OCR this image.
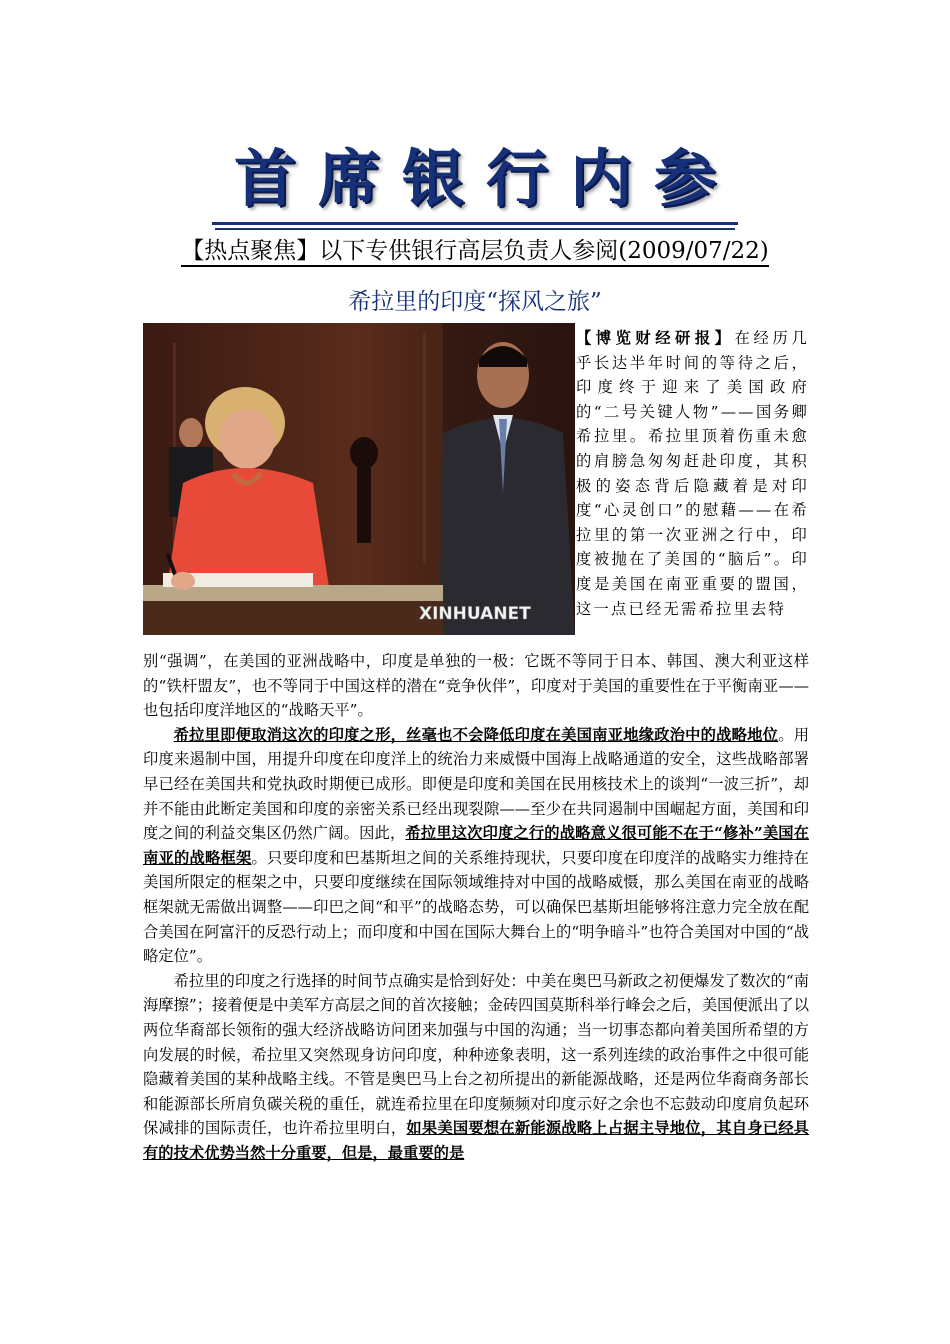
首席银行内参
【热点聚焦】以下专供银行高层负责人参阅(2009/07/22)
希拉里的印度“探风之旅”
XINHUANET
【博览财经研报】在经历几乎长达半年时间的等待之后，印度终于迎来了美国政府的“二号关键人物”——国务卿希拉里。希拉里顶着伤重未愈的肩膀急匆匆赶赴印度，其积极的姿态背后隐藏着是对印度“心灵创口”的慰藉——在希拉里的第一次亚洲之行中，印度被抛在了美国的“脑后”。印度是美国在南亚重要的盟国，这一点已经无需希拉里去特

别“强调”，在美国的亚洲战略中，印度是单独的一极：它既不等同于日本、韩国、澳大利亚这样的“铁杆盟友”，也不等同于中国这样的潜在“竞争伙伴”，印度对于美国的重要性在于平衡南亚——也包括印度洋地区的“战略天平”。

希拉里即便取消这次的印度之形，丝毫也不会降低印度在美国南亚地缘政治中的战略地位。用印度来遏制中国，用提升印度在印度洋上的统治力来威慑中国海上战略通道的安全，这些战略部署早已经在美国共和党执政时期便已成形。即便是印度和美国在民用核技术上的谈判“一波三折”，却并不能由此断定美国和印度的亲密关系已经出现裂隙——至少在共同遏制中国崛起方面，美国和印度之间的利益交集区仍然广阔。因此，希拉里这次印度之行的战略意义很可能不在于“修补”美国在南亚的战略框架。只要印度和巴基斯坦之间的关系维持现状，只要印度在印度洋的战略实力维持在美国所限定的框架之中，只要印度继续在国际领域维持对中国的战略威慑，那么美国在南亚的战略框架就无需做出调整——印巴之间“和平”的战略态势，可以确保巴基斯坦能够将注意力完全放在配合美国在阿富汗的反恐行动上；而印度和中国在国际大舞台上的“明争暗斗”也符合美国对中国的“战略定位”。

希拉里的印度之行选择的时间节点确实是恰到好处：中美在奥巴马新政之初便爆发了数次的“南海摩擦”；接着便是中美军方高层之间的首次接触；金砖四国莫斯科举行峰会之后，美国便派出了以两位华裔部长领衔的强大经济战略访问团来加强与中国的沟通；当一切事态都向着美国所希望的方向发展的时候，希拉里又突然现身访问印度，种种迹象表明，这一系列连续的政治事件之中很可能隐藏着美国的某种战略主线。不管是奥巴马上台之初所提出的新能源战略，还是两位华裔商务部长和能源部长所肩负碳关税的重任，就连希拉里在印度频频对印度示好之余也不忘鼓动印度肩负起环保减排的国际责任，也许希拉里明白，如果美国要想在新能源战略上占据主导地位，其自身已经具有的技术优势当然十分重要，但是，最重要的是
